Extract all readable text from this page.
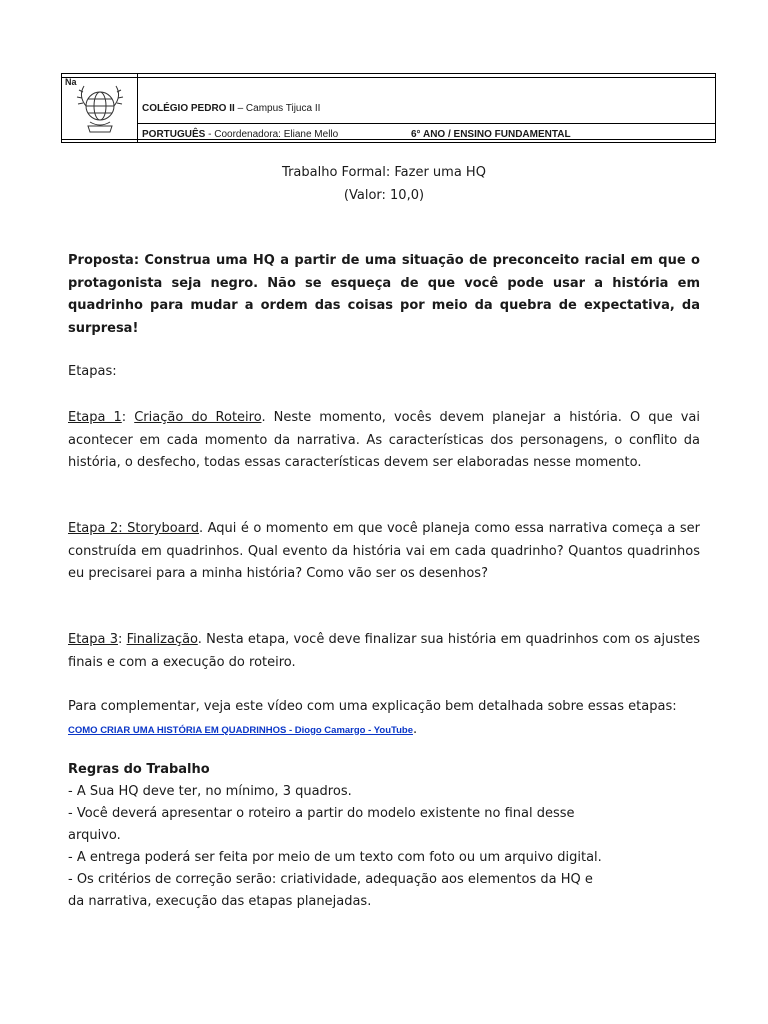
Na
COLÉGIO PEDRO II – Campus Tijuca II
PORTUGUÊS - Coordenadora: Eliane Mello	6° ANO / ENSINO FUNDAMENTAL
Trabalho Formal: Fazer uma HQ
(Valor: 10,0)
Proposta: Construa uma HQ a partir de uma situação de preconceito racial em que o protagonista seja negro. Não se esqueça de que você pode usar a história em quadrinho para mudar a ordem das coisas por meio da quebra de expectativa, da surpresa!
Etapas:
Etapa 1: Criação do Roteiro. Neste momento, vocês devem planejar a história. O que vai acontecer em cada momento da narrativa. As características dos personagens, o conflito da história, o desfecho, todas essas características devem ser elaboradas nesse momento.
Etapa 2: Storyboard. Aqui é o momento em que você planeja como essa narrativa começa a ser construída em quadrinhos. Qual evento da história vai em cada quadrinho? Quantos quadrinhos eu precisarei para a minha história? Como vão ser os desenhos?
Etapa 3: Finalização. Nesta etapa, você deve finalizar sua história em quadrinhos com os ajustes finais e com a execução do roteiro.
Para complementar, veja este vídeo com uma explicação bem detalhada sobre essas etapas: COMO CRIAR UMA HISTÓRIA EM QUADRINHOS - Diogo Camargo - YouTube.
Regras do Trabalho
- A Sua HQ deve ter, no mínimo, 3 quadros.
- Você deverá apresentar o roteiro a partir do modelo existente no final desse
arquivo.
- A entrega poderá ser feita por meio de um texto com foto ou um arquivo digital.
- Os critérios de correção serão: criatividade, adequação aos elementos da HQ e
da narrativa, execução das etapas planejadas.
